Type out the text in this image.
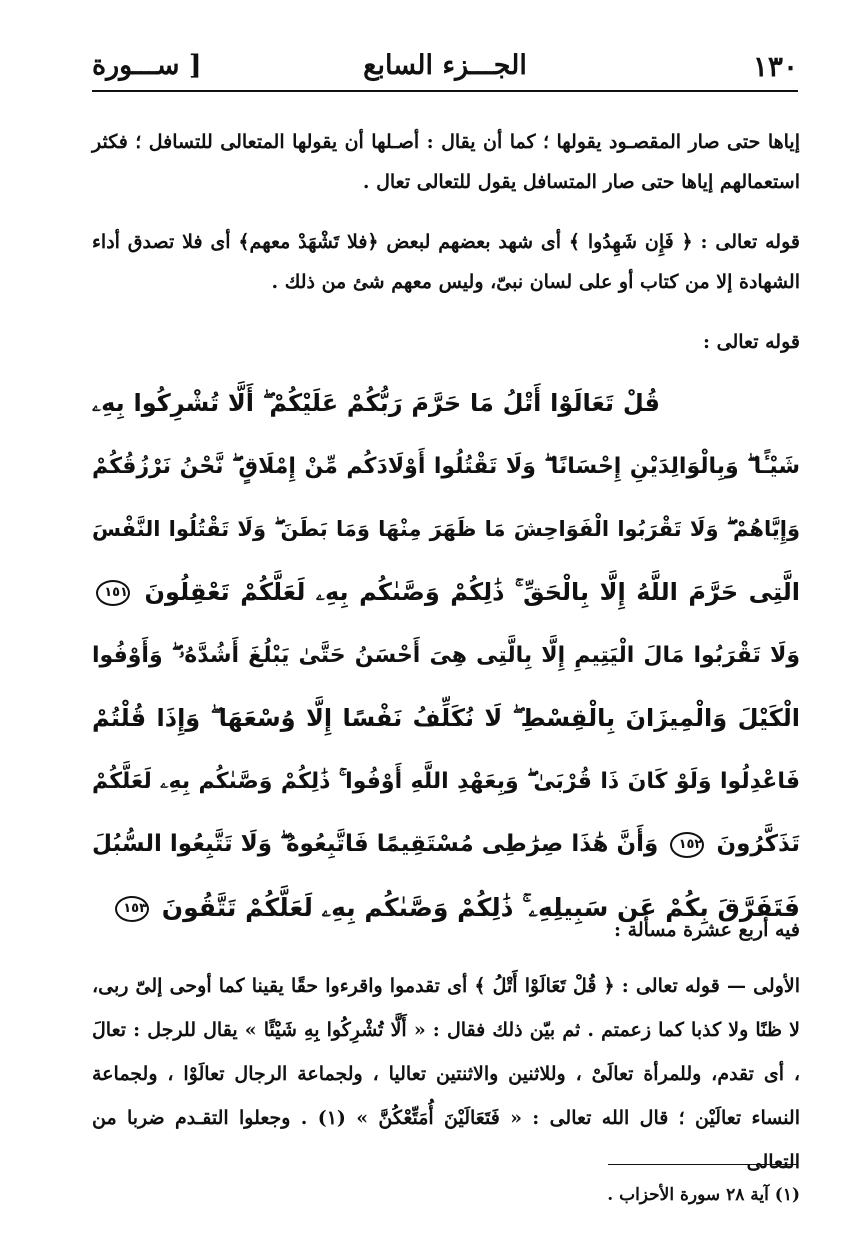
١٣٠
الجـــزء السابع
[ ســـورة
إياها حتى صار المقصـود يقولها ؛ كما أن يقال : أصـلها أن يقولها المتعالى للتسافل ؛ فكثر استعمالهم إياها حتى صار المتسافل يقول للتعالى تعال .
قوله تعالى : ﴿ فَإِن شَهِدُوا ﴾ أى شهد بعضهم لبعض ﴿فلا تَشْهَدْ معهم﴾ أى فلا تصدق أداء الشهادة إلا من كتاب أو على لسان نبىّ، وليس معهم شئ من ذلك .
قوله تعالى :
قُلْ تَعَالَوْا أَتْلُ مَا حَرَّمَ رَبُّكُمْ عَلَيْكُمْ ۖ أَلَّا تُشْرِكُوا بِهِۦ
شَيْـًٔا ۖ وَبِالْوَالِدَيْنِ إِحْسَانًا ۖ وَلَا تَقْتُلُوا أَوْلَادَكُم مِّنْ إِمْلَاقٍ ۖ نَّحْنُ نَرْزُقُكُمْ
وَإِيَّاهُمْ ۖ وَلَا تَقْرَبُوا الْفَوَاحِشَ مَا ظَهَرَ مِنْهَا وَمَا بَطَنَ ۖ وَلَا تَقْتُلُوا النَّفْسَ
الَّتِى حَرَّمَ اللَّهُ إِلَّا بِالْحَقِّ ۚ ذَٰلِكُمْ وَصَّىٰكُم بِهِۦ لَعَلَّكُمْ تَعْقِلُونَ ١٥١
وَلَا تَقْرَبُوا مَالَ الْيَتِيمِ إِلَّا بِالَّتِى هِىَ أَحْسَنُ حَتَّىٰ يَبْلُغَ أَشُدَّهُۥ ۖ وَأَوْفُوا
الْكَيْلَ وَالْمِيزَانَ بِالْقِسْطِ ۖ لَا نُكَلِّفُ نَفْسًا إِلَّا وُسْعَهَا ۖ وَإِذَا قُلْتُمْ
فَاعْدِلُوا وَلَوْ كَانَ ذَا قُرْبَىٰ ۖ وَبِعَهْدِ اللَّهِ أَوْفُوا ۚ ذَٰلِكُمْ وَصَّىٰكُم بِهِۦ لَعَلَّكُمْ
تَذَكَّرُونَ ١٥٢ وَأَنَّ هَٰذَا صِرَٰطِى مُسْتَقِيمًا فَاتَّبِعُوهُ ۖ وَلَا تَتَّبِعُوا السُّبُلَ
فَتَفَرَّقَ بِكُمْ عَن سَبِيلِهِۦ ۚ ذَٰلِكُمْ وَصَّىٰكُم بِهِۦ لَعَلَّكُمْ تَتَّقُونَ ١٥٣
فيه أربع عشرة مسألة :
الأولى — قوله تعالى : ﴿ قُلْ تَعَالَوْا أَتْلُ ﴾ أى تقدموا واقرءوا حقًا يقينا كما أوحى إلىّ ربى، لا ظنًا ولا كذبا كما زعمتم . ثم بيّن ذلك فقال : « أَلَّا تُشْرِكُوا بِهِ شَيْئًا » يقال للرجل : تعالَ ، أى تقدم، وللمرأة تعالَىْ ، وللاثنين والاثنتين تعاليا ، ولجماعة الرجال تعالَوْا ، ولجماعة النساء تعالَيْن ؛ قال الله تعالى : « فَتَعَالَيْنَ أُمَتِّعْكُنَّ » (١) . وجعلوا التقـدم ضربا من التعالى
(١) آية ٢٨ سورة الأحزاب .
